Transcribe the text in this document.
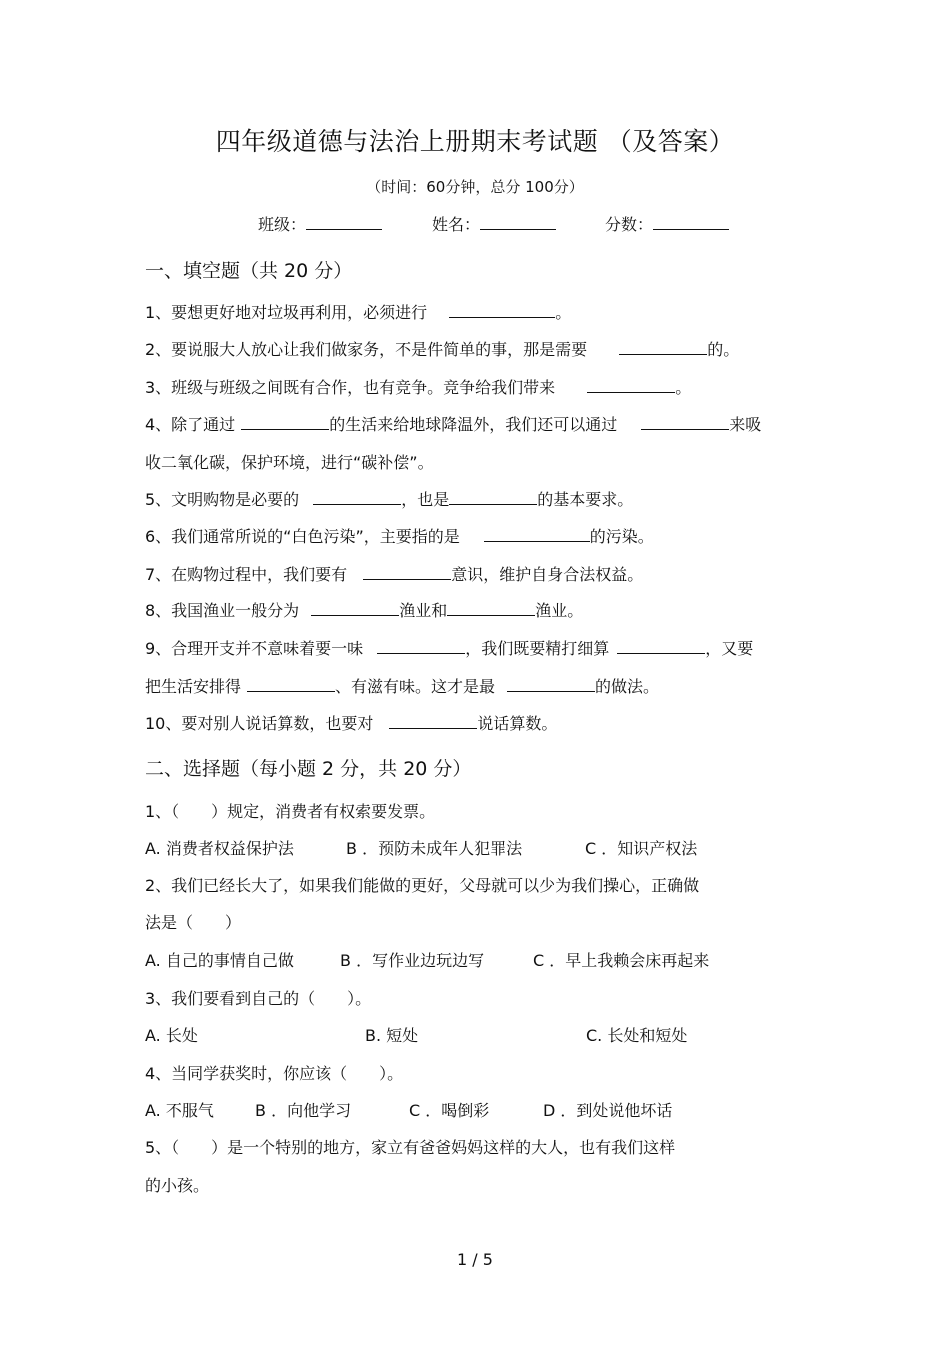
四年级道德与法治上册期末考试题 （及答案）
（时间：60分钟，总分 100分）
班级：	姓名：	分数：
一、填空题（共 20 分）
1、要想更好地对垃圾再利用，必须进行	。
2、要说服大人放心让我们做家务，不是件简单的事，那是需要	的。
3、班级与班级之间既有合作，也有竞争。竞争给我们带来	。
4、除了通过	的生活来给地球降温外，我们还可以通过	来吸
收二氧化碳，保护环境，进行“碳补偿”。
5、文明购物是必要的	，也是	的基本要求。
6、我们通常所说的“白色污染”，主要指的是	的污染。
7、在购物过程中，我们要有	意识，维护自身合法权益。
8、我国渔业一般分为	渔业和	渔业。
9、合理开支并不意味着要一味	，我们既要精打细算	，又要
把生活安排得	、有滋有味。这才是最	的做法。
10、要对别人说话算数，也要对	说话算数。
二、选择题（每小题 2 分，共 20 分）
1、（　　）规定，消费者有权索要发票。
A. 消费者权益保护法	B ．预防未成年人犯罪法	C ．知识产权法
2、我们已经长大了，如果我们能做的更好，父母就可以少为我们操心，正确做
法是（　　）
A. 自己的事情自己做	B ．写作业边玩边写	C ．早上我赖会床再起来
3、我们要看到自己的（　　）。
A. 长处	B. 短处	C. 长处和短处
4、当同学获奖时，你应该（　　）。
A. 不服气	B ．向他学习	C ．喝倒彩	D ．到处说他坏话
5、（　　）是一个特别的地方，家立有爸爸妈妈这样的大人，也有我们这样
的小孩。
1 / 5
